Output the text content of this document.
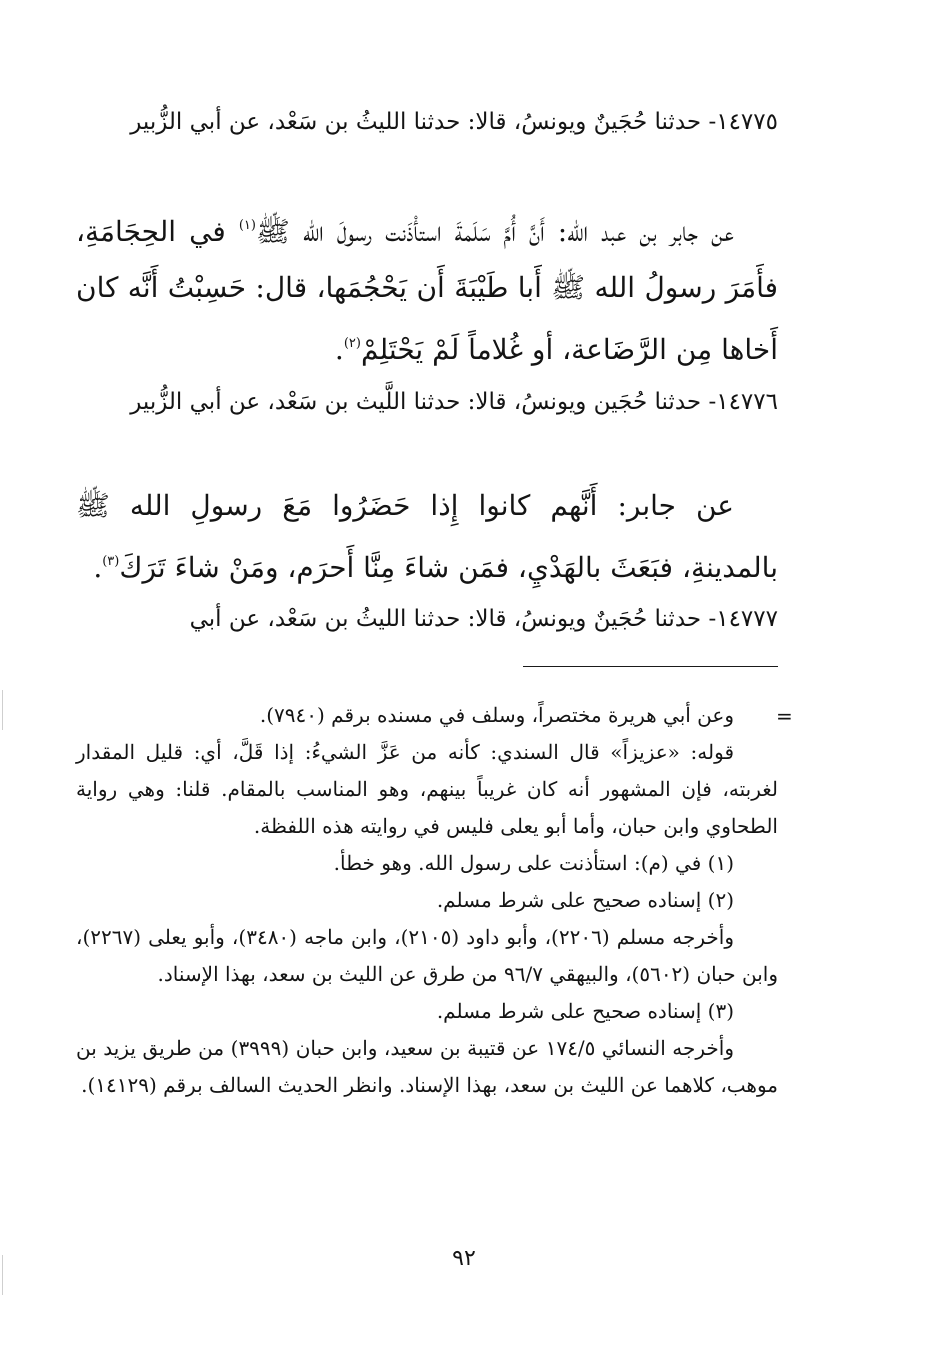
١٤٧٧٥- حدثنا حُجَينٌ ويونسُ، قالا: حدثنا الليثُ بن سَعْد، عن أبي الزُّبير
عن جابر بن عبد الله: أَنَّ أُمَّ سَلَمةَ استأْذَنت رسولَ الله ﷺ$^{(١)}$ في الحِجَامَةِ، فأَمَرَ رسولُ الله ﷺ أَبا طَيْبَةَ أَن يَحْجُمَها، قال: حَسِبْتُ أَنَّه كان أَخاها مِن الرَّضَاعة، أو غُلاماً لَمْ يَحْتَلِمْ$^{(٢)}$.
١٤٧٧٦- حدثنا حُجَين ويونسُ، قالا: حدثنا اللَّيث بن سَعْد، عن أبي الزُّبير
عن جابر: أَنَّهم كانوا إِذا حَضَرُوا مَعَ رسولِ الله ﷺ بالمدينةِ، فبَعَثَ بالهَدْيِ، فمَن شاءَ مِنَّا أَحرَم، ومَنْ شاءَ تَرَكَ$^{(٣)}$.
١٤٧٧٧- حدثنا حُجَينٌ ويونسُ، قالا: حدثنا الليثُ بن سَعْد، عن أبي
=
وعن أبي هريرة مختصراً، وسلف في مسنده برقم (٧٩٤٠).
قوله: «عزيزاً» قال السندي: كأنه من عَزَّ الشيءُ: إذا قَلَّ، أي: قليل المقدار لغربته، فإن المشهور أنه كان غريباً بينهم، وهو المناسب بالمقام. قلنا: وهي رواية الطحاوي وابن حبان، وأما أبو يعلى فليس في روايته هذه اللفظة.
(١) في (م): استأذنت على رسول الله. وهو خطأ.
(٢) إسناده صحيح على شرط مسلم.
وأخرجه مسلم (٢٢٠٦)، وأبو داود (٢١٠٥)، وابن ماجه (٣٤٨٠)، وأبو يعلى (٢٢٦٧)، وابن حبان (٥٦٠٢)، والبيهقي ٩٦/٧ من طرق عن الليث بن سعد، بهذا الإسناد.
(٣) إسناده صحيح على شرط مسلم.
وأخرجه النسائي ١٧٤/٥ عن قتيبة بن سعيد، وابن حبان (٣٩٩٩) من طريق يزيد بن موهب، كلاهما عن الليث بن سعد، بهذا الإسناد. وانظر الحديث السالف برقم (١٤١٢٩).
٩٢
